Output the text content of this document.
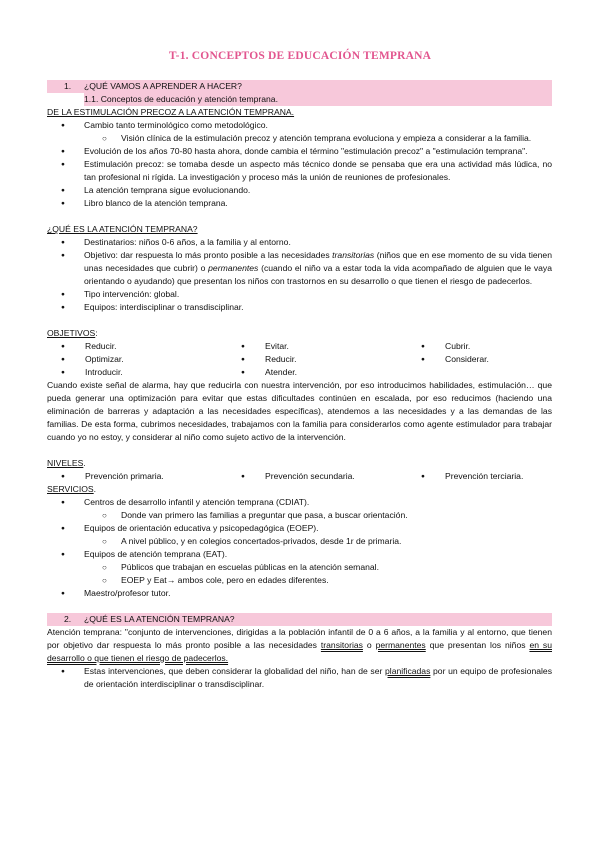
T-1. CONCEPTOS DE EDUCACIÓN TEMPRANA
1. ¿QUÉ VAMOS A APRENDER A HACER?
1.1. Conceptos de educación y atención temprana.
DE LA ESTIMULACIÓN PRECOZ A LA ATENCIÓN TEMPRANA.
● Cambio tanto terminológico como metodológico.
○ Visión clínica de la estimulación precoz y atención temprana evoluciona y empieza a considerar a la familia.
● Evolución de los años 70-80 hasta ahora, donde cambia el término "estimulación precoz" a "estimulación temprana".
● Estimulación precoz: se tomaba desde un aspecto más técnico donde se pensaba que era una actividad más lúdica, no tan profesional ni rígida. La investigación y proceso más la unión de reuniones de profesionales.
● La atención temprana sigue evolucionando.
● Libro blanco de la atención temprana.
¿QUÉ ES LA ATENCIÓN TEMPRANA?
● Destinatarios: niños 0-6 años, a la familia y al entorno.
● Objetivo: dar respuesta lo más pronto posible a las necesidades transitorias (niños que en ese momento de su vida tienen unas necesidades que cubrir) o permanentes (cuando el niño va a estar toda la vida acompañado de alguien que le vaya orientando o ayudando) que presentan los niños con trastornos en su desarrollo o que tienen el riesgo de padecerlos.
● Tipo intervención: global.
● Equipos: interdisciplinar o transdisciplinar.
OBJETIVOS:
● Reducir.	● Evitar.	● Cubrir.
● Optimizar.	● Reducir.	● Considerar.
● Introducir.	● Atender.
Cuando existe señal de alarma, hay que reducirla con nuestra intervención, por eso introducimos habilidades, estimulación… que pueda generar una optimización para evitar que estas dificultades continúen en escalada, por eso reducimos (haciendo una eliminación de barreras y adaptación a las necesidades específicas), atendemos a las necesidades y a las demandas de las familias. De esta forma, cubrimos necesidades, trabajamos con la familia para considerarlos como agente estimulador para trabajar cuando yo no estoy, y considerar al niño como sujeto activo de la intervención.
NIVELES.
● Prevención primaria.	● Prevención secundaria.	● Prevención terciaria.
SERVICIOS.
● Centros de desarrollo infantil y atención temprana (CDIAT).
○ Donde van primero las familias a preguntar que pasa, a buscar orientación.
● Equipos de orientación educativa y psicopedagógica (EOEP).
○ A nivel público, y en colegios concertados-privados, desde 1r de primaria.
● Equipos de atención temprana (EAT).
○ Públicos que trabajan en escuelas públicas en la atención semanal.
○ EOEP y Eat→ ambos cole, pero en edades diferentes.
● Maestro/profesor tutor.
2. ¿QUÉ ES LA ATENCIÓN TEMPRANA?
Atención temprana: "conjunto de intervenciones, dirigidas a la población infantil de 0 a 6 años, a la familia y al entorno, que tienen por objetivo dar respuesta lo más pronto posible a las necesidades transitorias o permanentes que presentan los niños en su desarrollo o que tienen el riesgo de padecerlos.
● Estas intervenciones, que deben considerar la globalidad del niño, han de ser planificadas por un equipo de profesionales de orientación interdisciplinar o transdisciplinar.
